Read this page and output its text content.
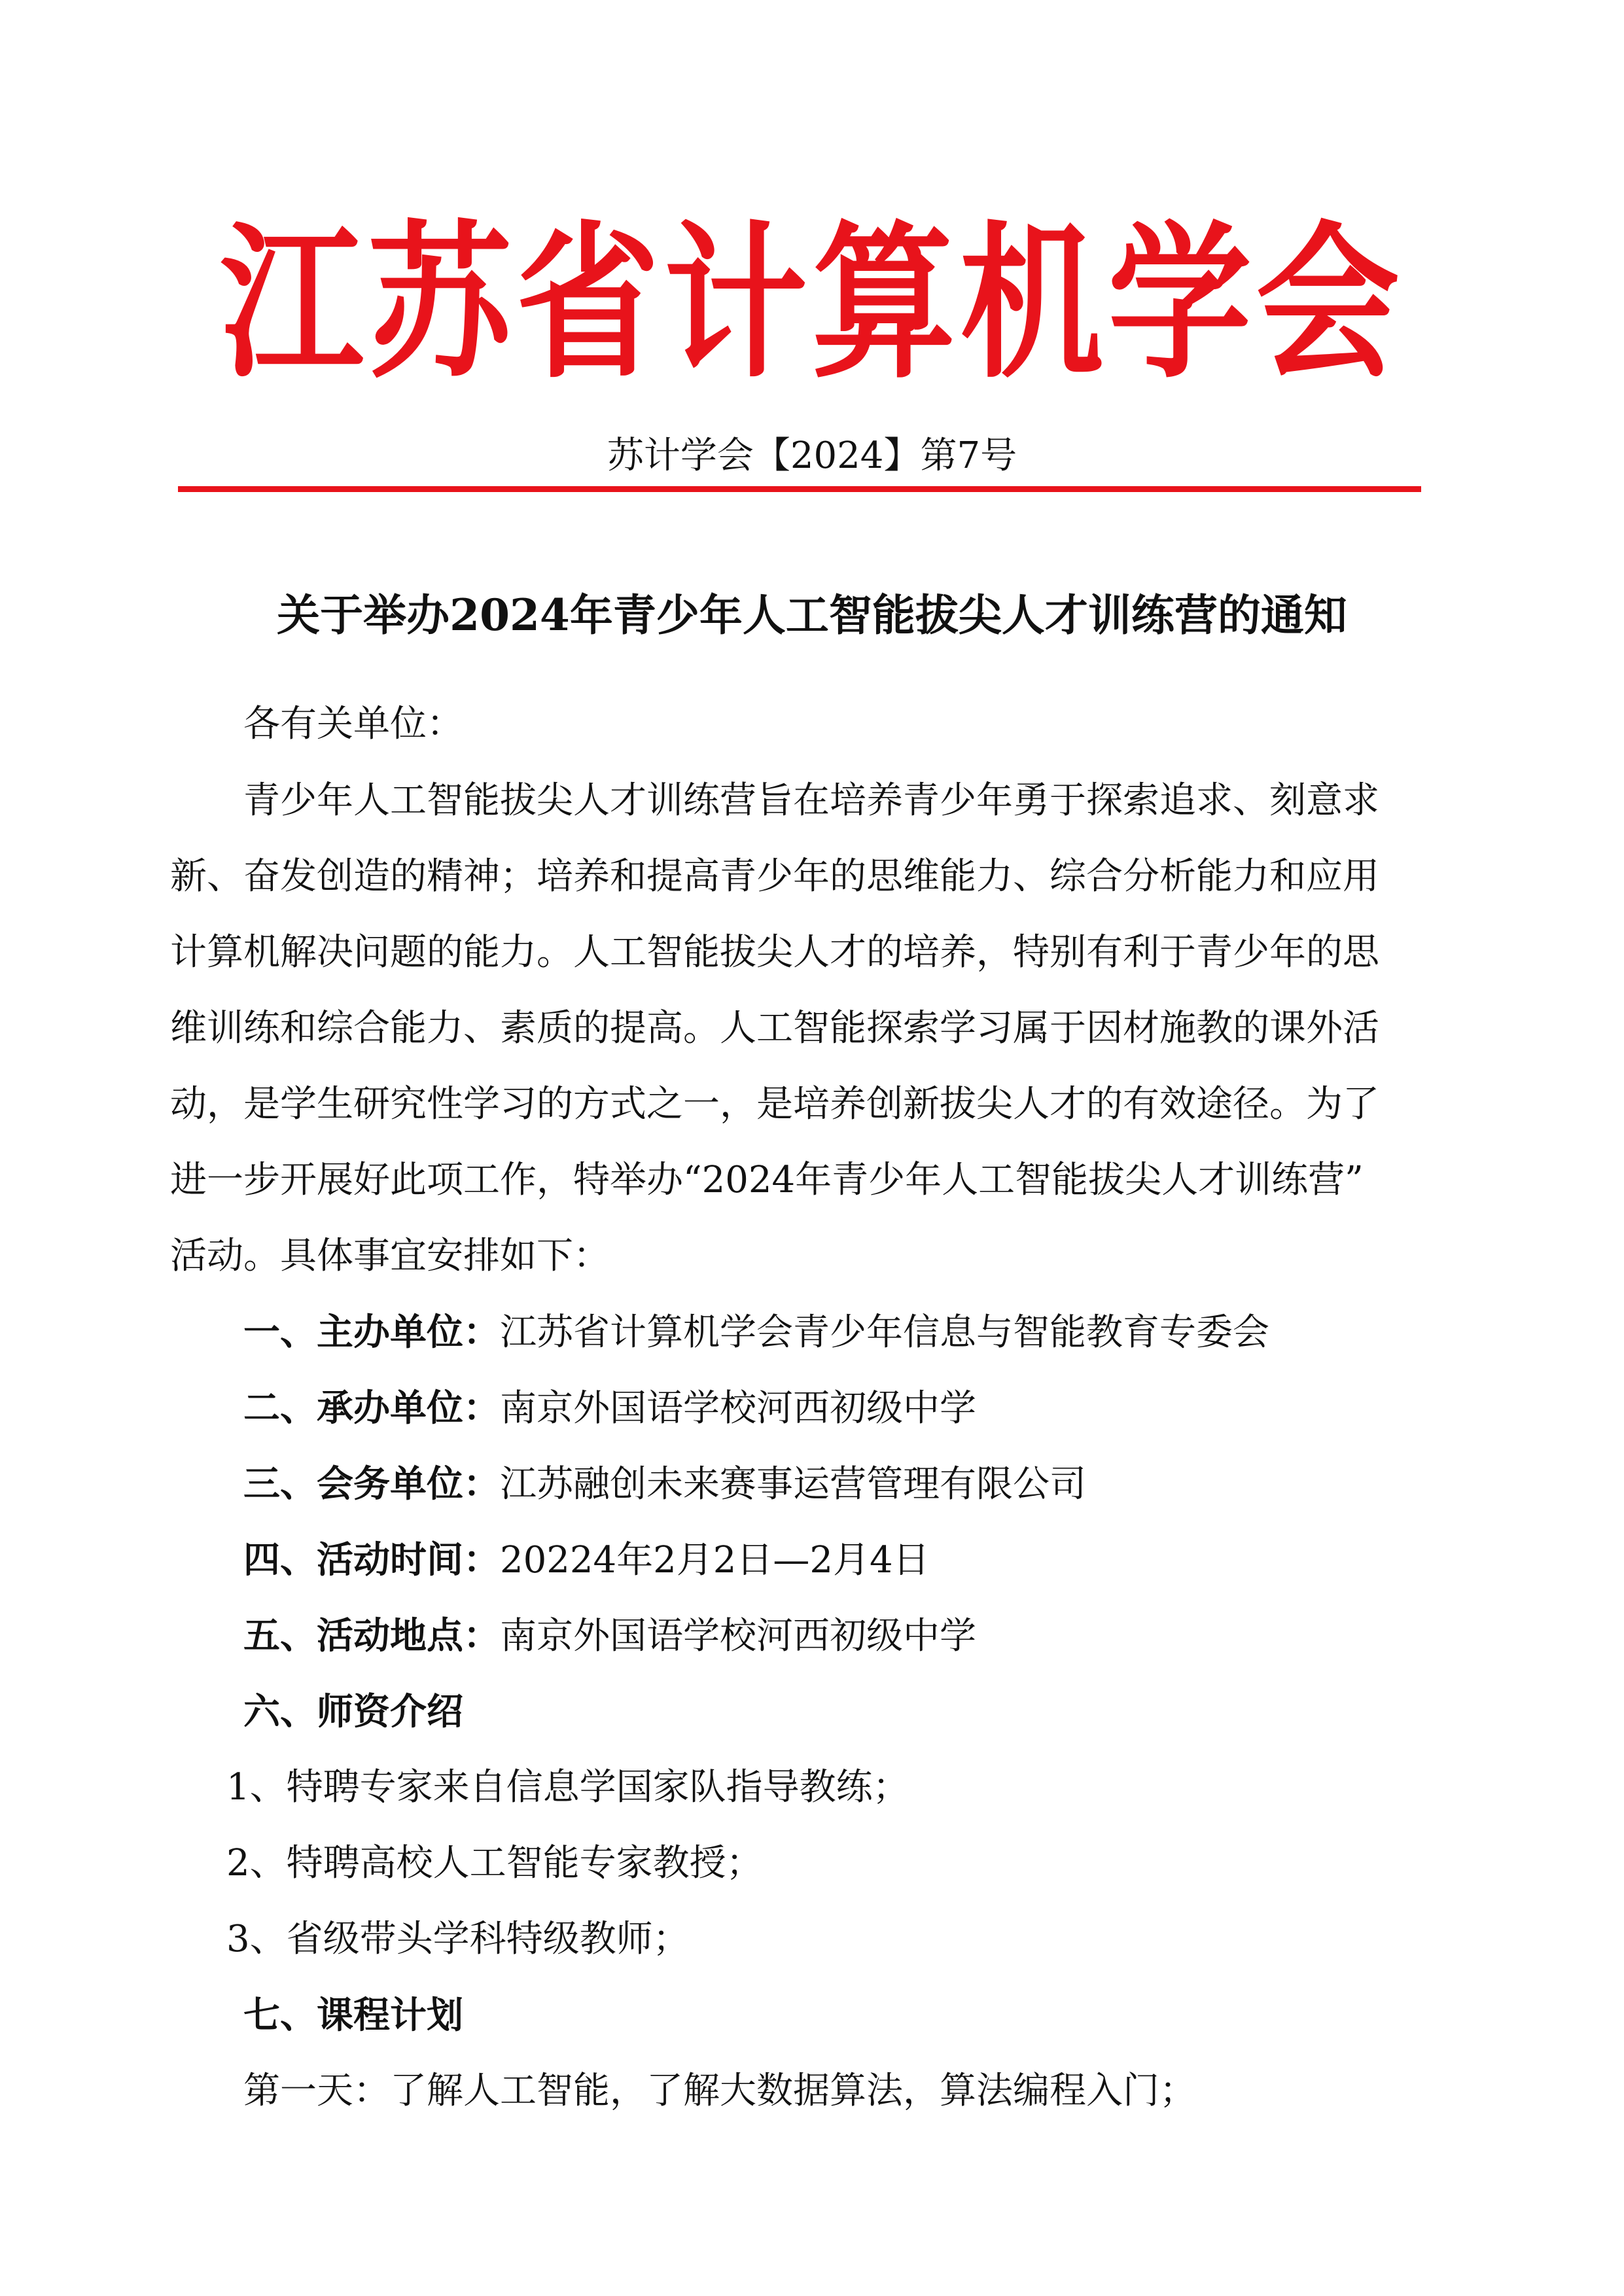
江苏省计算机学会
苏计学会【2024】第7号
关于举办2024年青少年人工智能拔尖人才训练营的通知
各有关单位：
青少年人工智能拔尖人才训练营旨在培养青少年勇于探索追求、刻意求
新、奋发创造的精神；培养和提高青少年的思维能力、综合分析能力和应用
计算机解决问题的能力。人工智能拔尖人才的培养，特别有利于青少年的思
维训练和综合能力、素质的提高。人工智能探索学习属于因材施教的课外活
动，是学生研究性学习的方式之一，是培养创新拔尖人才的有效途径。为了
进一步开展好此项工作，特举办“2024年青少年人工智能拔尖人才训练营”
活动。具体事宜安排如下：
一、主办单位：江苏省计算机学会青少年信息与智能教育专委会
二、承办单位：南京外国语学校河西初级中学
三、会务单位：江苏融创未来赛事运营管理有限公司
四、活动时间：20224年2月2日—2月4日
五、活动地点：南京外国语学校河西初级中学
六、师资介绍
1、特聘专家来自信息学国家队指导教练；
2、特聘高校人工智能专家教授；
3、省级带头学科特级教师；
七、课程计划
第一天：了解人工智能，了解大数据算法，算法编程入门；
